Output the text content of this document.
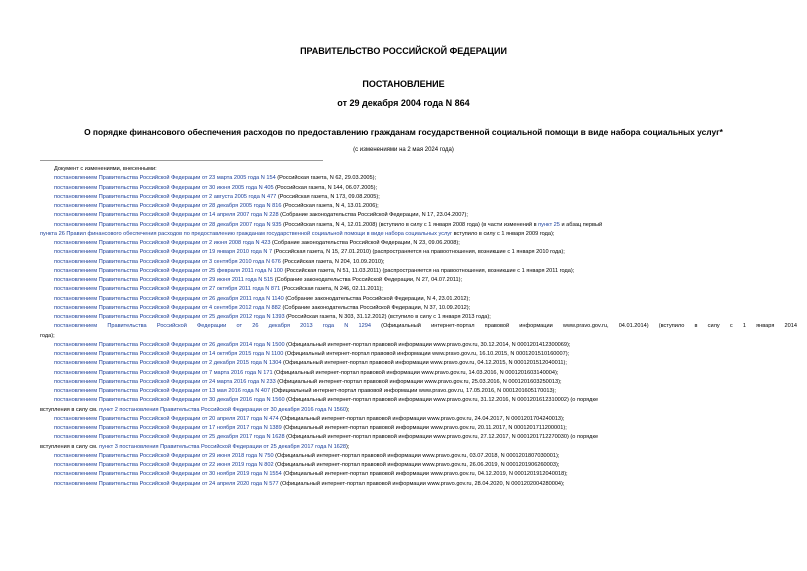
ПРАВИТЕЛЬСТВО РОССИЙСКОЙ ФЕДЕРАЦИИ
ПОСТАНОВЛЕНИЕ
от 29 декабря 2004 года N 864
О порядке финансового обеспечения расходов по предоставлению гражданам государственной социальной помощи в виде набора социальных услуг*
(с изменениями на 2 мая 2024 года)
Документ с изменениями, внесенными:
постановлением Правительства Российской Федерации от 23 марта 2005 года N 154 (Российская газета, N 62, 29.03.2005);
постановлением Правительства Российской Федерации от 30 июня 2005 года N 405 (Российская газета, N 144, 06.07.2005);
постановлением Правительства Российской Федерации от 2 августа 2005 года N 477 (Российская газета, N 173, 09.08.2005);
постановлением Правительства Российской Федерации от 28 декабря 2005 года N 816 (Российская газета, N 4, 13.01.2006);
постановлением Правительства Российской Федерации от 14 апреля 2007 года N 228 (Собрание законодательства Российской Федерации, N 17, 23.04.2007);
постановлением Правительства Российской Федерации от 28 декабря 2007 года N 935 (Российская газета, N 4, 12.01.2008) (вступило в силу с 1 января 2008 года) (в части изменений в пункт 25 и абзац первый
пункта 26 Правил финансового обеспечения расходов по предоставлению гражданам государственной социальной помощи в виде набора социальных услуг вступило в силу с 1 января 2009 года);
постановлением Правительства Российской Федерации от 2 июня 2008 года N 423 (Собрание законодательства Российской Федерации, N 23, 09.06.2008);
постановлением Правительства Российской Федерации от 19 января 2010 года N 7 (Российская газета, N 15, 27.01.2010) (распространяется на правоотношения, возникшие с 1 января 2010 года);
постановлением Правительства Российской Федерации от 3 сентября 2010 года N 676 (Российская газета, N 204, 10.09.2010);
постановлением Правительства Российской Федерации от 25 февраля 2011 года N 100 (Российская газета, N 51, 11.03.2011) (распространяется на правоотношения, возникшие с 1 января 2011 года);
постановлением Правительства Российской Федерации от 29 июня 2011 года N 515 (Собрание законодательства Российской Федерации, N 27, 04.07.2011);
постановлением Правительства Российской Федерации от 27 октября 2011 года N 871 (Российская газета, N 246, 02.11.2011);
постановлением Правительства Российской Федерации от 26 декабря 2011 года N 1140 (Собрание законодательства Российской Федерации, N 4, 23.01.2012);
постановлением Правительства Российской Федерации от 4 сентября 2012 года N 882 (Собрание законодательства Российской Федерации, N 37, 10.09.2012);
постановлением Правительства Российской Федерации от 25 декабря 2012 года N 1393 (Российская газета, N 303, 31.12.2012) (вступило в силу с 1 января 2013 года);
постановлением Правительства Российской Федерации от 26 декабря 2013 года N 1294 (Официальный интернет-портал правовой информации www.pravo.gov.ru, 04.01.2014) (вступило в силу с 1 января 2014
года);
постановлением Правительства Российской Федерации от 26 декабря 2014 года N 1500 (Официальный интернет-портал правовой информации www.pravo.gov.ru, 30.12.2014, N 0001201412300069);
постановлением Правительства Российской Федерации от 14 октября 2015 года N 1100 (Официальный интернет-портал правовой информации www.pravo.gov.ru, 16.10.2015, N 0001201510160007);
постановлением Правительства Российской Федерации от 2 декабря 2015 года N 1304 (Официальный интернет-портал правовой информации www.pravo.gov.ru, 04.12.2015, N 0001201512040011);
постановлением Правительства Российской Федерации от 7 марта 2016 года N 171 (Официальный интернет-портал правовой информации www.pravo.gov.ru, 14.03.2016, N 0001201603140004);
постановлением Правительства Российской Федерации от 24 марта 2016 года N 233 (Официальный интернет-портал правовой информации www.pravo.gov.ru, 25.03.2016, N 0001201603250013);
постановлением Правительства Российской Федерации от 13 мая 2016 года N 407 (Официальный интернет-портал правовой информации www.pravo.gov.ru, 17.05.2016, N 0001201605170013);
постановлением Правительства Российской Федерации от 30 декабря 2016 года N 1560 (Официальный интернет-портал правовой информации www.pravo.gov.ru, 31.12.2016, N 0001201612310002) (о порядке
вступления в силу см. пункт 2 постановления Правительства Российской Федерации от 30 декабря 2016 года N 1560);
постановлением Правительства Российской Федерации от 20 апреля 2017 года N 474 (Официальный интернет-портал правовой информации www.pravo.gov.ru, 24.04.2017, N 0001201704240013);
постановлением Правительства Российской Федерации от 17 ноября 2017 года N 1389 (Официальный интернет-портал правовой информации www.pravo.gov.ru, 20.11.2017, N 0001201711200001);
постановлением Правительства Российской Федерации от 25 декабря 2017 года N 1628 (Официальный интернет-портал правовой информации www.pravo.gov.ru, 27.12.2017, N 0001201712270030) (о порядке
вступления в силу см. пункт 3 постановления Правительства Российской Федерации от 25 декабря 2017 года N 1628);
постановлением Правительства Российской Федерации от 29 июня 2018 года N 750 (Официальный интернет-портал правовой информации www.pravo.gov.ru, 03.07.2018, N 0001201807030001);
постановлением Правительства Российской Федерации от 22 июня 2019 года N 802 (Официальный интернет-портал правовой информации www.pravo.gov.ru, 26.06.2019, N 0001201906260003);
постановлением Правительства Российской Федерации от 30 ноября 2019 года N 1554 (Официальный интернет-портал правовой информации www.pravo.gov.ru, 04.12.2019, N 0001201912040018);
постановлением Правительства Российской Федерации от 24 апреля 2020 года N 577 (Официальный интернет-портал правовой информации www.pravo.gov.ru, 28.04.2020, N 0001202004280004);
